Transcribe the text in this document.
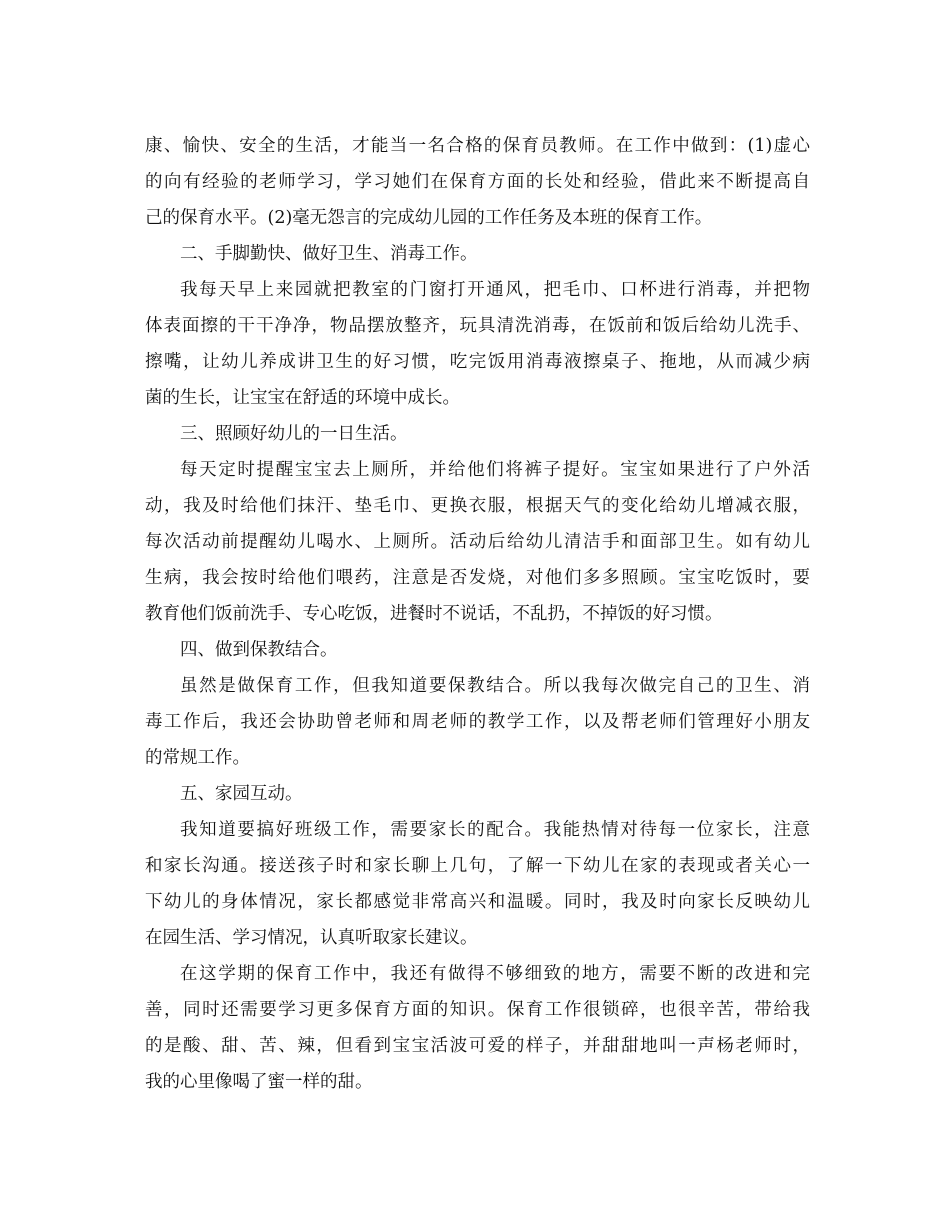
康、愉快、安全的生活，才能当一名合格的保育员教师。在工作中做到：(1)虚心
的向有经验的老师学习，学习她们在保育方面的长处和经验，借此来不断提高自
己的保育水平。(2)毫无怨言的完成幼儿园的工作任务及本班的保育工作。
二、手脚勤快、做好卫生、消毒工作。
我每天早上来园就把教室的门窗打开通风，把毛巾、口杯进行消毒，并把物
体表面擦的干干净净，物品摆放整齐，玩具清洗消毒，在饭前和饭后给幼儿洗手、
擦嘴，让幼儿养成讲卫生的好习惯，吃完饭用消毒液擦桌子、拖地，从而减少病
菌的生长，让宝宝在舒适的环境中成长。
三、照顾好幼儿的一日生活。
每天定时提醒宝宝去上厕所，并给他们将裤子提好。宝宝如果进行了户外活
动，我及时给他们抹汗、垫毛巾、更换衣服，根据天气的变化给幼儿增减衣服，
每次活动前提醒幼儿喝水、上厕所。活动后给幼儿清洁手和面部卫生。如有幼儿
生病，我会按时给他们喂药，注意是否发烧，对他们多多照顾。宝宝吃饭时，要
教育他们饭前洗手、专心吃饭，进餐时不说话，不乱扔，不掉饭的好习惯。
四、做到保教结合。
虽然是做保育工作，但我知道要保教结合。所以我每次做完自己的卫生、消
毒工作后，我还会协助曾老师和周老师的教学工作，以及帮老师们管理好小朋友
的常规工作。
五、家园互动。
我知道要搞好班级工作，需要家长的配合。我能热情对待每一位家长，注意
和家长沟通。接送孩子时和家长聊上几句，了解一下幼儿在家的表现或者关心一
下幼儿的身体情况，家长都感觉非常高兴和温暖。同时，我及时向家长反映幼儿
在园生活、学习情况，认真听取家长建议。
在这学期的保育工作中，我还有做得不够细致的地方，需要不断的改进和完
善，同时还需要学习更多保育方面的知识。保育工作很锁碎，也很辛苦，带给我
的是酸、甜、苦、辣，但看到宝宝活波可爱的样子，并甜甜地叫一声杨老师时，
我的心里像喝了蜜一样的甜。
